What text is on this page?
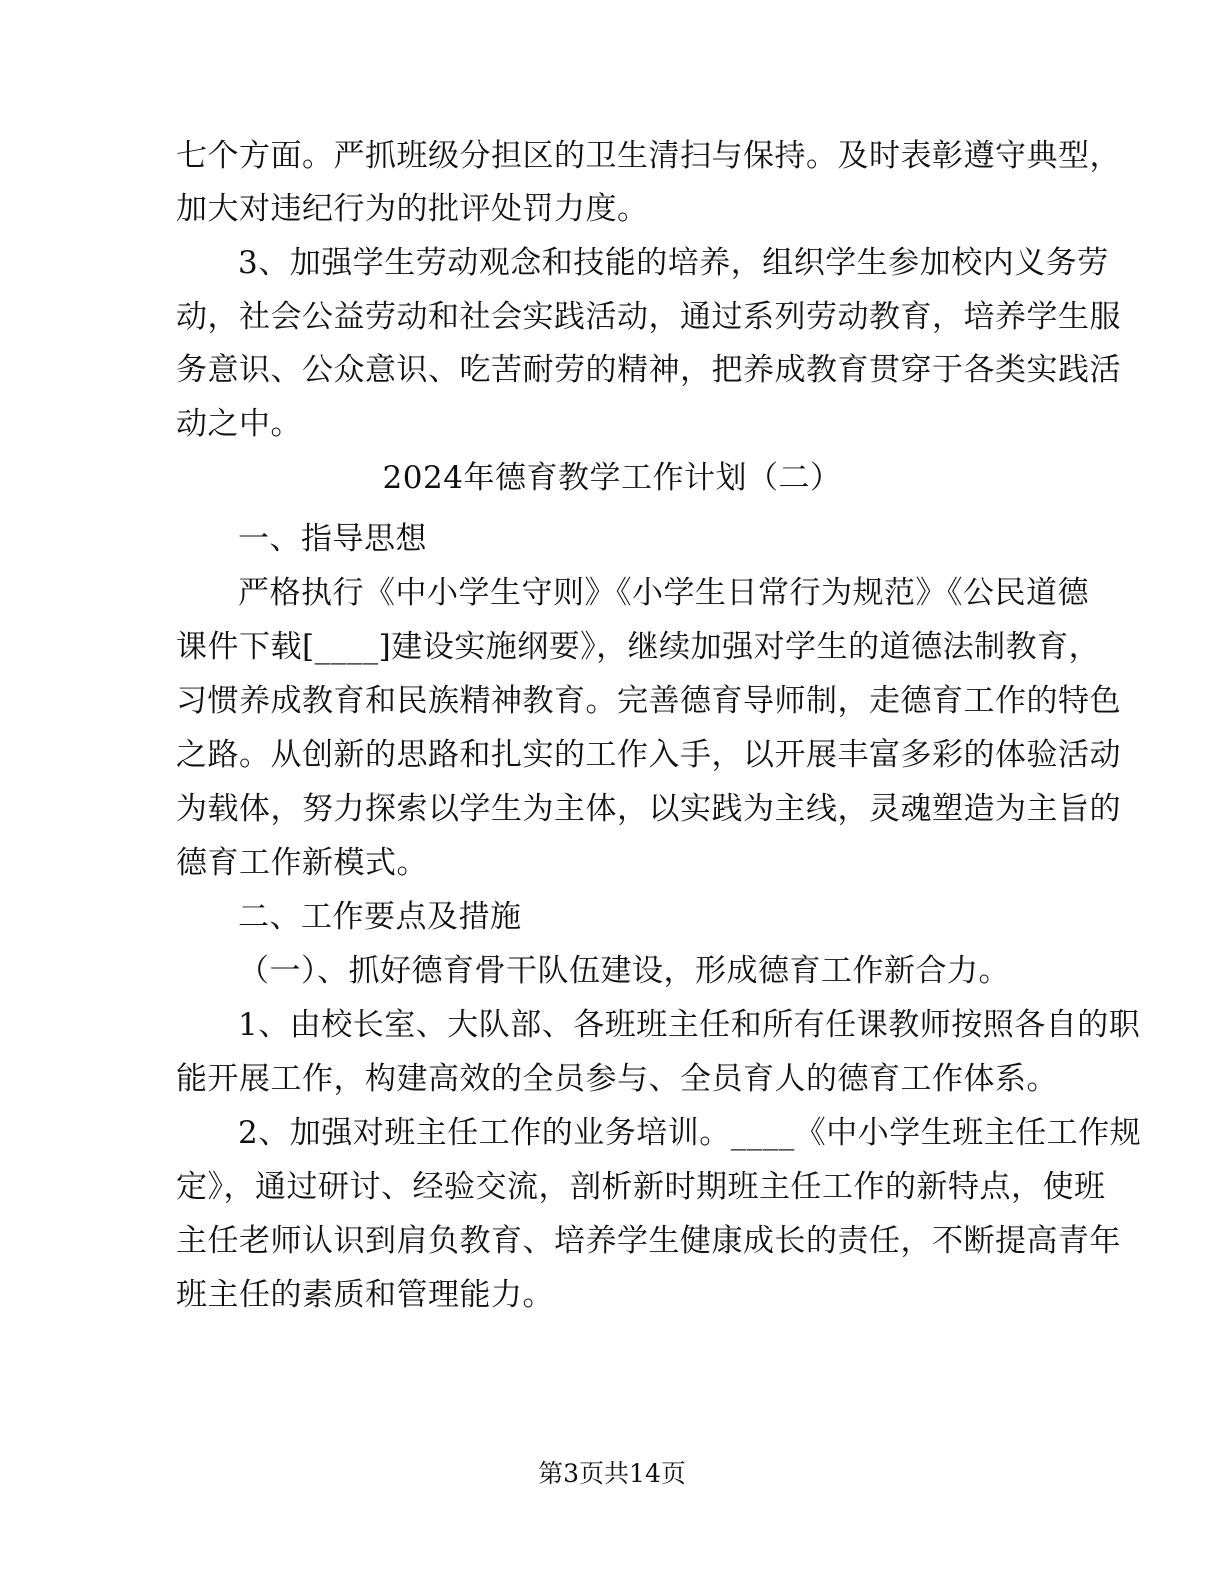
七个方面。严抓班级分担区的卫生清扫与保持。及时表彰遵守典型，
加大对违纪行为的批评处罚力度。
3、加强学生劳动观念和技能的培养，组织学生参加校内义务劳
动，社会公益劳动和社会实践活动，通过系列劳动教育，培养学生服
务意识、公众意识、吃苦耐劳的精神，把养成教育贯穿于各类实践活
动之中。
2024年德育教学工作计划（二）
一、指导思想
严格执行《中小学生守则》《小学生日常行为规范》《公民道德
课件下载[____]建设实施纲要》，继续加强对学生的道德法制教育，
习惯养成教育和民族精神教育。完善德育导师制，走德育工作的特色
之路。从创新的思路和扎实的工作入手，以开展丰富多彩的体验活动
为载体，努力探索以学生为主体，以实践为主线，灵魂塑造为主旨的
德育工作新模式。
二、工作要点及措施
（一）、抓好德育骨干队伍建设，形成德育工作新合力。
1、由校长室、大队部、各班班主任和所有任课教师按照各自的职
能开展工作，构建高效的全员参与、全员育人的德育工作体系。
2、加强对班主任工作的业务培训。____《中小学生班主任工作规
定》，通过研讨、经验交流，剖析新时期班主任工作的新特点，使班
主任老师认识到肩负教育、培养学生健康成长的责任，不断提高青年
班主任的素质和管理能力。
第3页共14页
